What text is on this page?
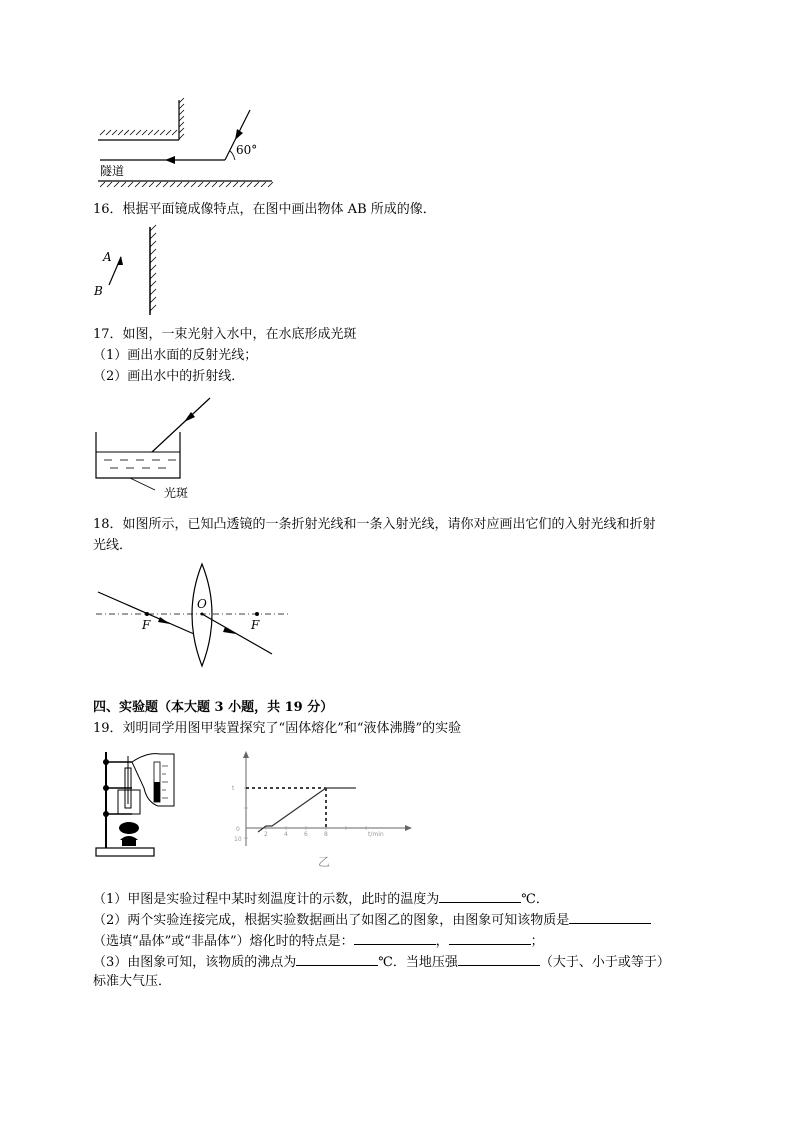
60°
隧道
16．根据平面镜成像特点，在图中画出物体 AB 所成的像．
A
B
17．如图，一束光射入水中，在水底形成光斑
（1）画出水面的反射光线；
（2）画出水中的折射线．
光斑
18．如图所示，已知凸透镜的一条折射光线和一条入射光线，请你对应画出它们的入射光线和折射
光线．
O
F	F
四、实验题（本大题 3 小题，共 19 分）
19．刘明同学用图甲装置探究了“固体熔化”和“液体沸腾”的实验
t
0
10
2	4	6	8	t/min
乙
（1）甲图是实验过程中某时刻温度计的示数，此时的温度为	℃．
（2）两个实验连接完成，根据实验数据画出了如图乙的图象，由图象可知该物质是
（选填“晶体”或“非晶体”）熔化时的特点是：	，	；
（3）由图象可知，该物质的沸点为	℃．当地压强	（大于、小于或等于）
标准大气压．
